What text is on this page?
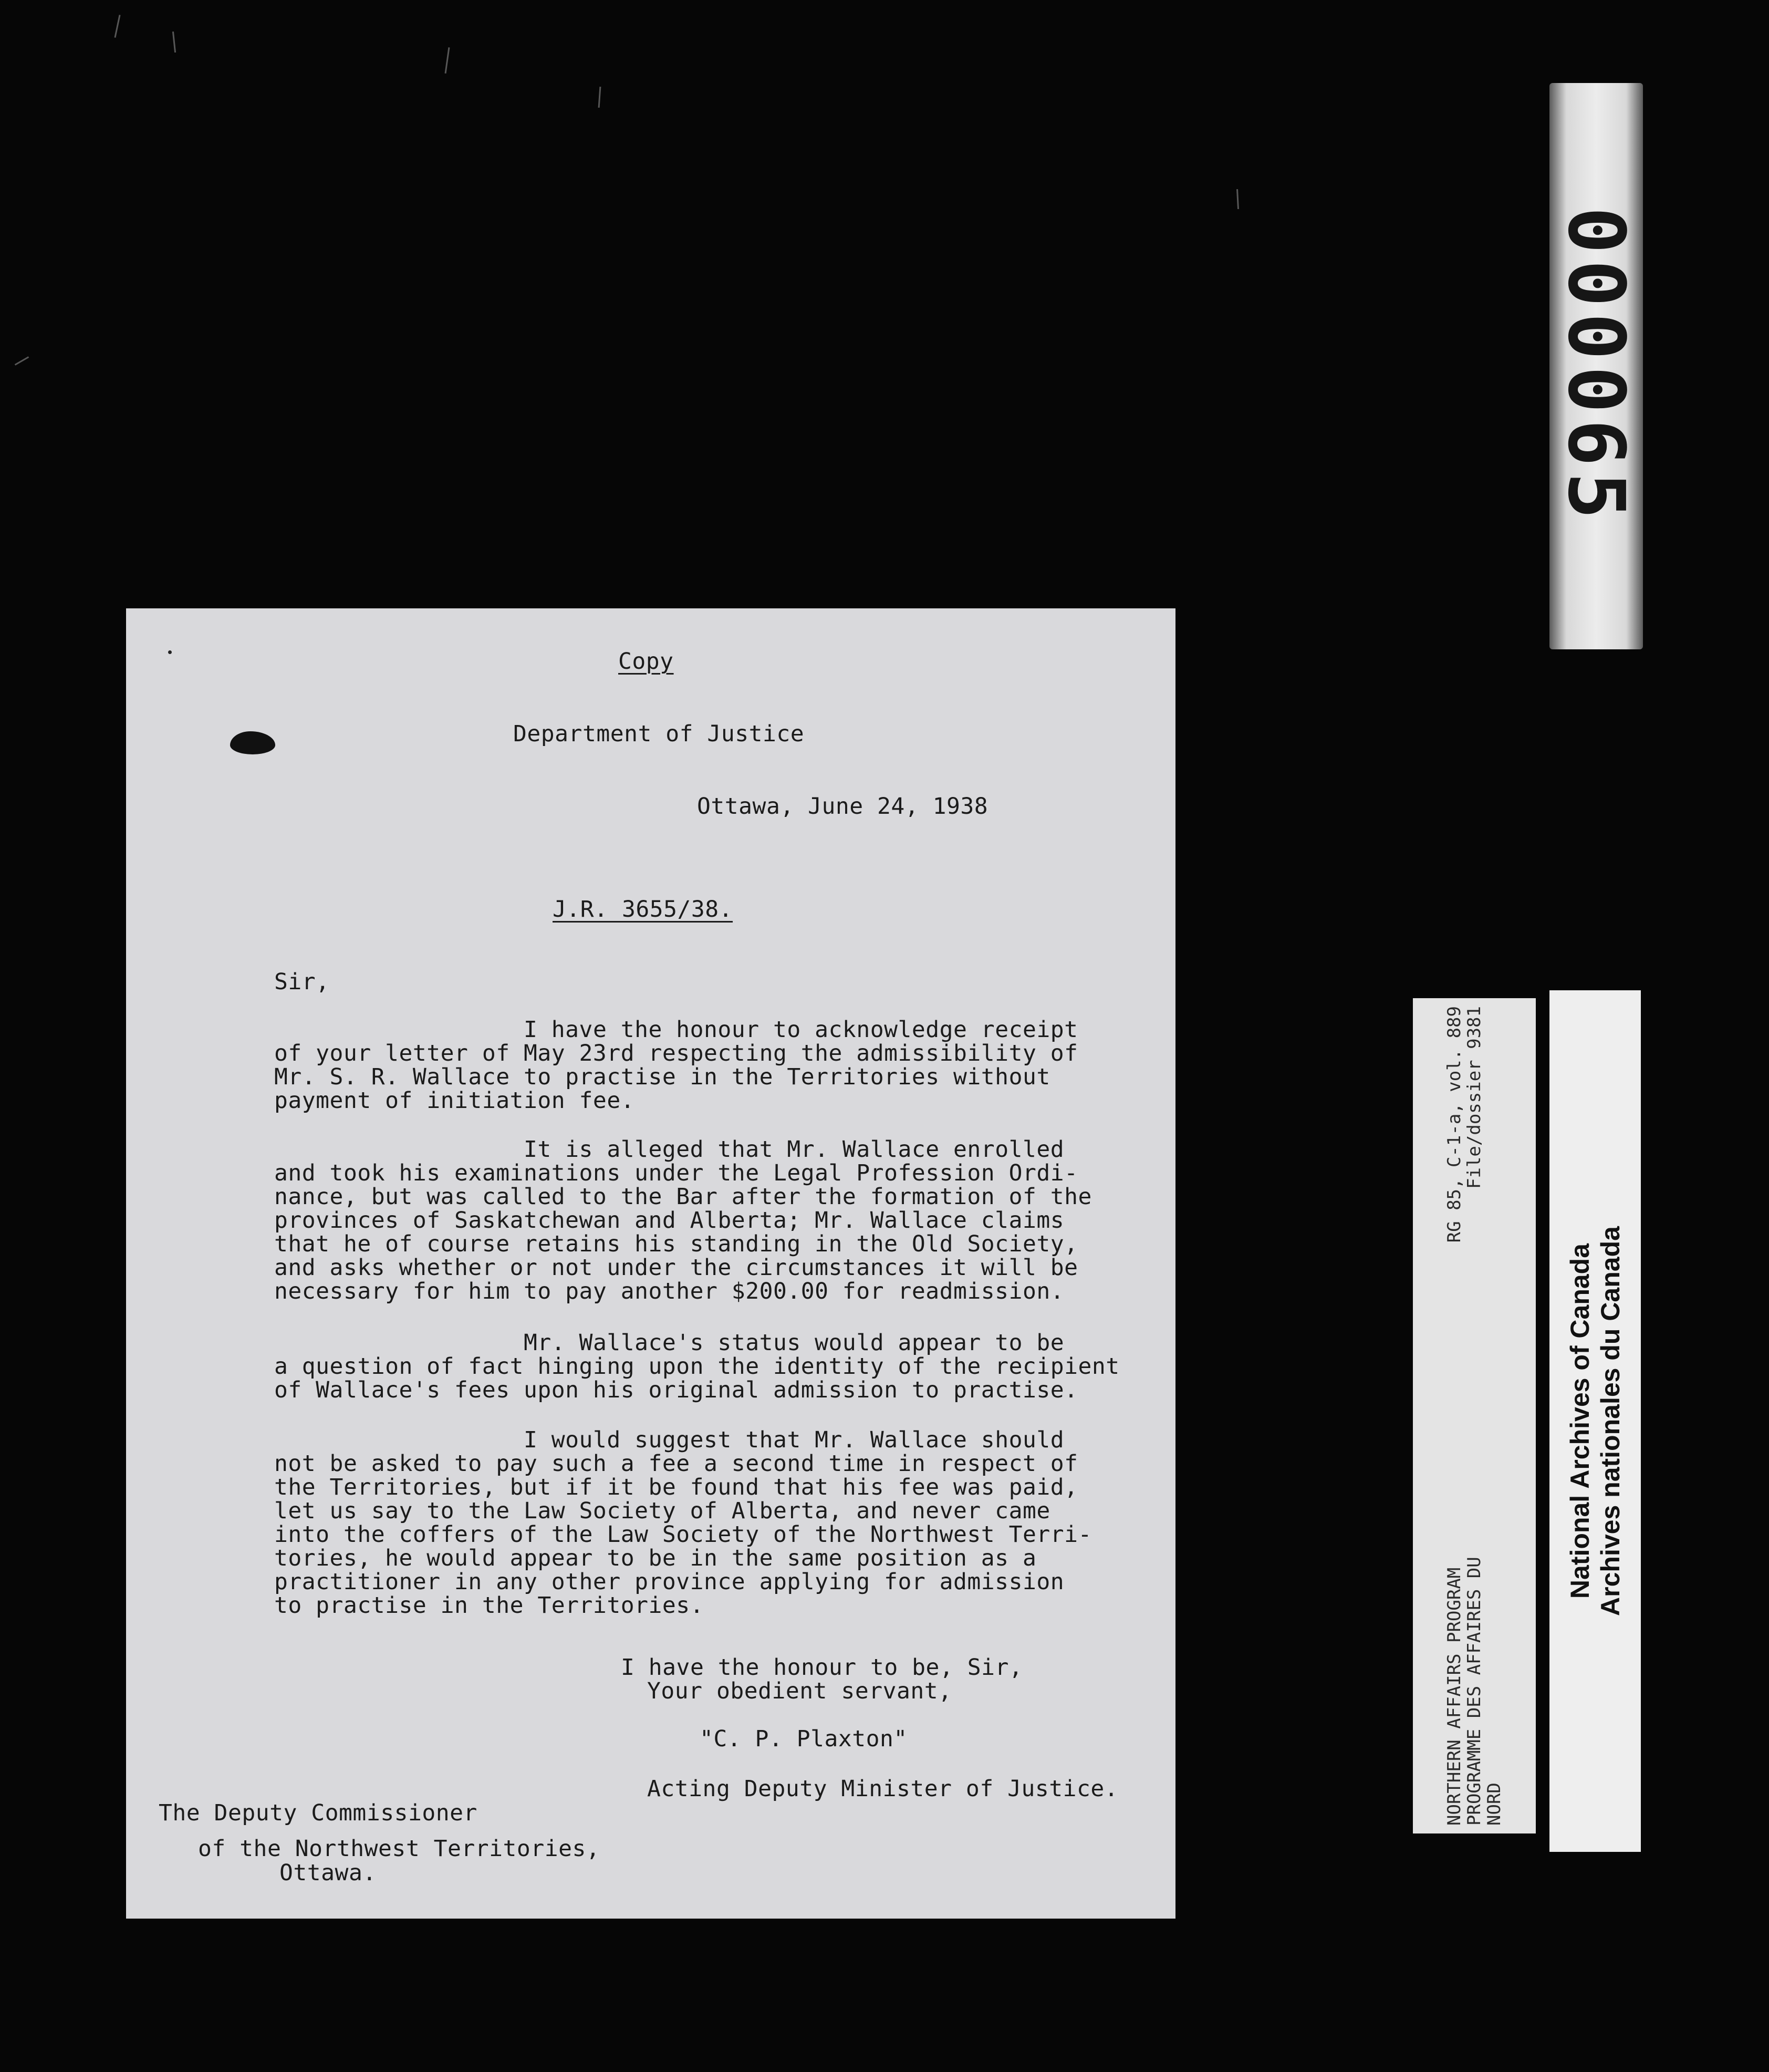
Copy

Department of Justice

Ottawa, June 24, 1938

J.R. 3655/38.

Sir,

I have the honour to acknowledge receipt

of your letter of May 23rd respecting the admissibility of

Mr. S. R. Wallace to practise in the Territories without

payment of initiation fee.

It is alleged that Mr. Wallace enrolled

and took his examinations under the Legal Profession Ordi-

nance, but was called to the Bar after the formation of the

provinces of Saskatchewan and Alberta; Mr. Wallace claims

that he of course retains his standing in the Old Society,

and asks whether or not under the circumstances it will be

necessary for him to pay another $200.00 for readmission.

Mr. Wallace's status would appear to be

a question of fact hinging upon the identity of the recipient

of Wallace's fees upon his original admission to practise.

I would suggest that Mr. Wallace should

not be asked to pay such a fee a second time in respect of

the Territories, but if it be found that his fee was paid,

let us say to the Law Society of Alberta, and never came

into the coffers of the Law Society of the Northwest Terri-

tories, he would appear to be in the same position as a

practitioner in any other province applying for admission

to practise in the Territories.

I have the honour to be, Sir,

Your obedient servant,

"C. P. Plaxton"

Acting Deputy Minister of Justice.

The Deputy Commissioner

of the Northwest Territories,

Ottawa.

000065
NORTHERN AFFAIRS PROGRAM
RG 85, C-1-a, vol. 889
PROGRAMME DES AFFAIRES DU
File/dossier 9381
NORD
National Archives of Canada Archives nationales du Canada
